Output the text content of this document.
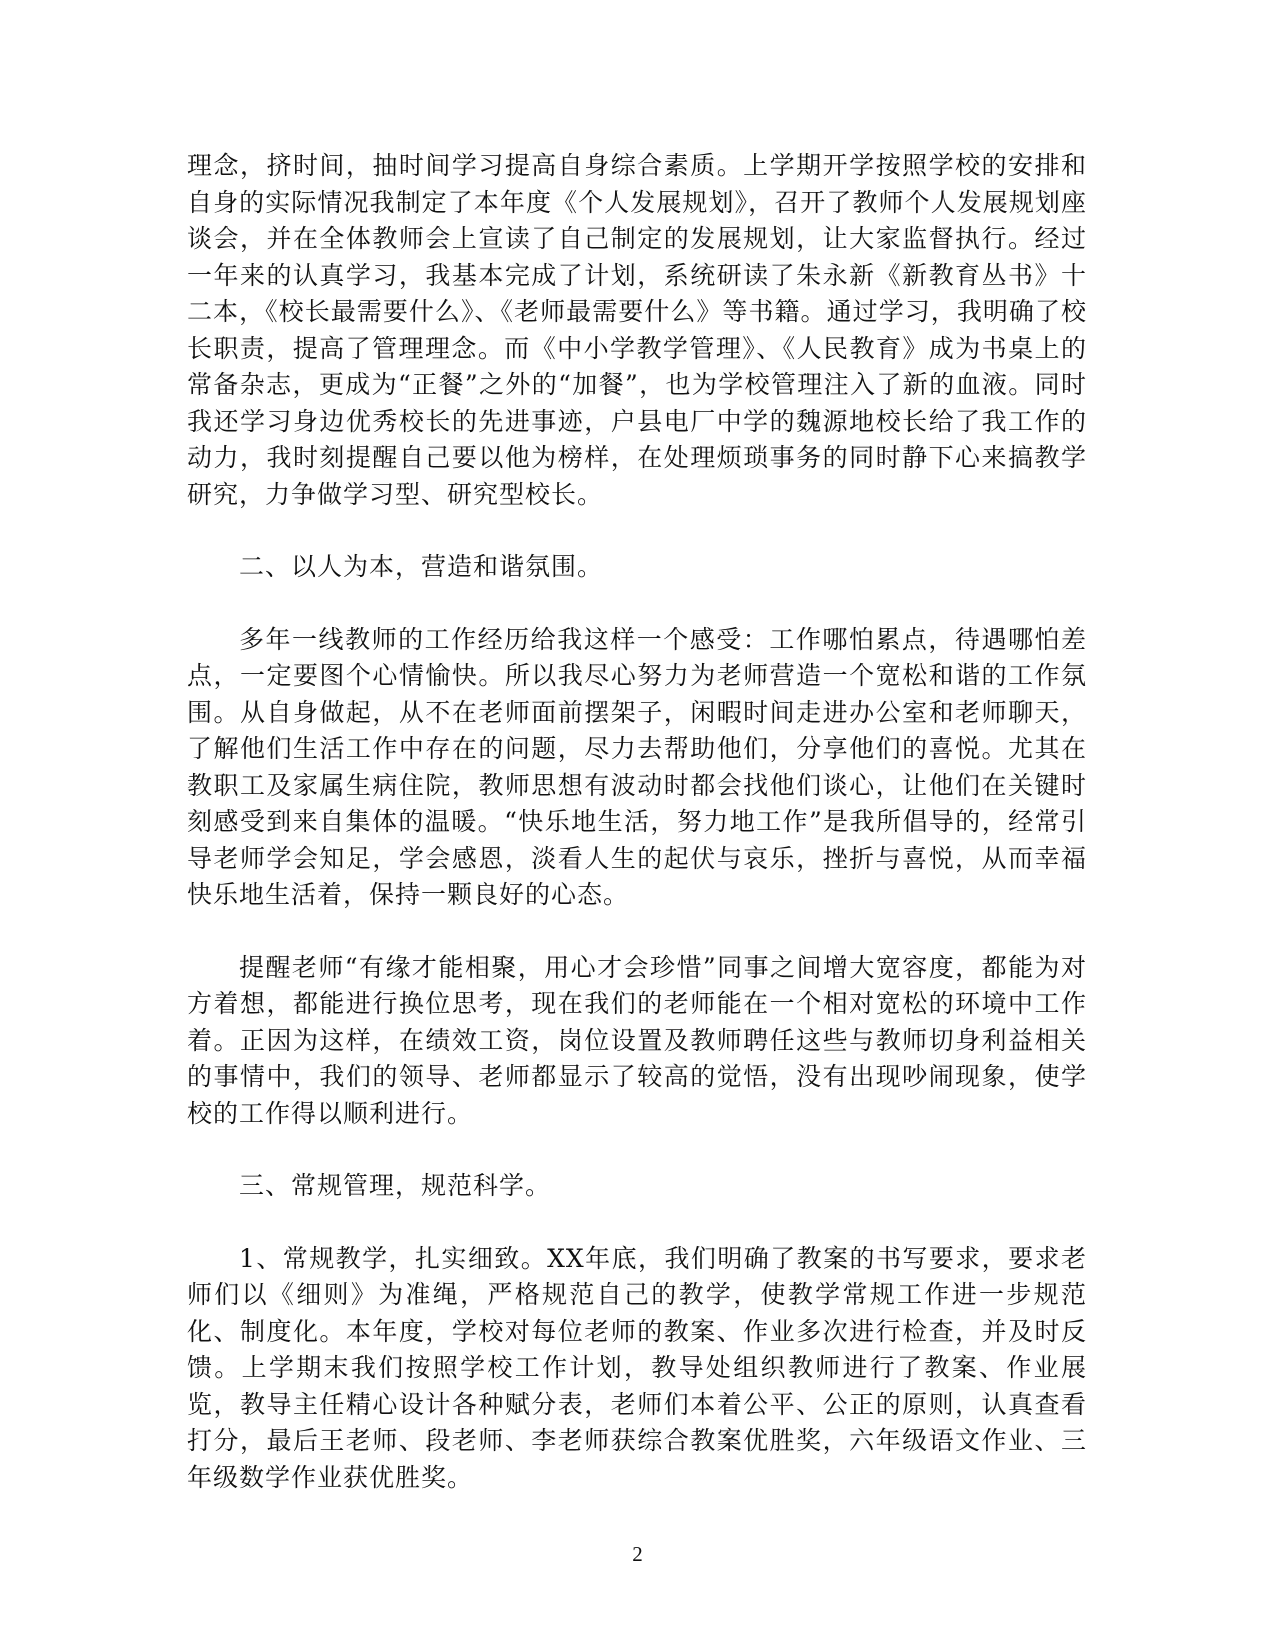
理念，挤时间，抽时间学习提高自身综合素质。上学期开学按照学校的安排和自身的实际情况我制定了本年度《个人发展规划》，召开了教师个人发展规划座谈会，并在全体教师会上宣读了自己制定的发展规划，让大家监督执行。经过一年来的认真学习，我基本完成了计划，系统研读了朱永新《新教育丛书》十二本，《校长最需要什么》、《老师最需要什么》等书籍。通过学习，我明确了校长职责，提高了管理理念。而《中小学教学管理》、《人民教育》成为书桌上的常备杂志，更成为“正餐”之外的“加餐”，也为学校管理注入了新的血液。同时我还学习身边优秀校长的先进事迹，户县电厂中学的魏源地校长给了我工作的动力，我时刻提醒自己要以他为榜样，在处理烦琐事务的同时静下心来搞教学研究，力争做学习型、研究型校长。

二、以人为本，营造和谐氛围。

多年一线教师的工作经历给我这样一个感受：工作哪怕累点，待遇哪怕差点，一定要图个心情愉快。所以我尽心努力为老师营造一个宽松和谐的工作氛围。从自身做起，从不在老师面前摆架子，闲暇时间走进办公室和老师聊天，了解他们生活工作中存在的问题，尽力去帮助他们，分享他们的喜悦。尤其在教职工及家属生病住院，教师思想有波动时都会找他们谈心，让他们在关键时刻感受到来自集体的温暖。“快乐地生活，努力地工作”是我所倡导的，经常引导老师学会知足，学会感恩，淡看人生的起伏与哀乐，挫折与喜悦，从而幸福快乐地生活着，保持一颗良好的心态。

提醒老师“有缘才能相聚，用心才会珍惜”同事之间增大宽容度，都能为对方着想，都能进行换位思考，现在我们的老师能在一个相对宽松的环境中工作着。正因为这样，在绩效工资，岗位设置及教师聘任这些与教师切身利益相关的事情中，我们的领导、老师都显示了较高的觉悟，没有出现吵闹现象，使学校的工作得以顺利进行。

三、常规管理，规范科学。

1、常规教学，扎实细致。XX年底，我们明确了教案的书写要求，要求老师们以《细则》为准绳，严格规范自己的教学，使教学常规工作进一步规范化、制度化。本年度，学校对每位老师的教案、作业多次进行检查，并及时反馈。上学期末我们按照学校工作计划，教导处组织教师进行了教案、作业展览，教导主任精心设计各种赋分表，老师们本着公平、公正的原则，认真查看打分，最后王老师、段老师、李老师获综合教案优胜奖，六年级语文作业、三年级数学作业获优胜奖。

2
